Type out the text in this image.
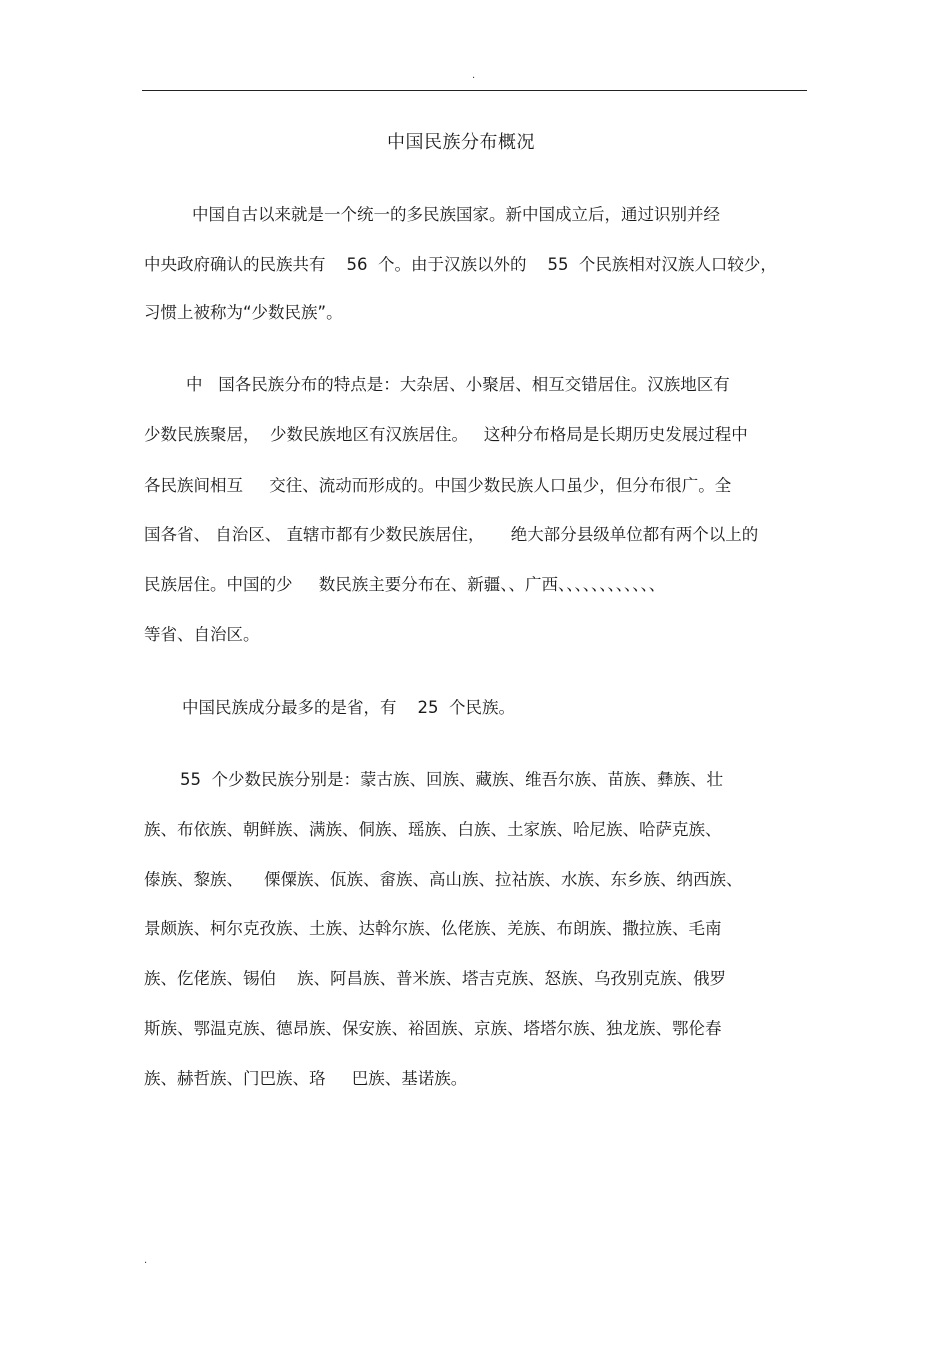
.
中国民族分布概况
中国自古以来就是一个统一的多民族国家。新中国成立后，通过识别并经
中央政府确认的民族共有    56  个。由于汉族以外的    55  个民族相对汉族人口较少，
习惯上被称为“少数民族”。
中   国各民族分布的特点是：大杂居、小聚居、相互交错居住。汉族地区有
少数民族聚居，  少数民族地区有汉族居住。   这种分布格局是长期历史发展过程中
各民族间相互     交往、流动而形成的。中国少数民族人口虽少，但分布很广。全
国各省、 自治区、 直辖市都有少数民族居住，     绝大部分县级单位都有两个以上的
民族居住。中国的少     数民族主要分布在、新疆、、广西、、、、、、、、、、、、
等省、自治区。
中国民族成分最多的是省，有    25  个民族。
55  个少数民族分别是：蒙古族、回族、藏族、维吾尔族、苗族、彝族、壮
族、布依族、朝鲜族、满族、侗族、瑶族、白族、土家族、哈尼族、哈萨克族、
傣族、黎族、    傈僳族、佤族、畲族、高山族、拉祜族、水族、东乡族、纳西族、
景颇族、柯尔克孜族、土族、达斡尔族、仫佬族、羌族、布朗族、撒拉族、毛南
族、仡佬族、锡伯    族、阿昌族、普米族、塔吉克族、怒族、乌孜别克族、俄罗
斯族、鄂温克族、德昂族、保安族、裕固族、京族、塔塔尔族、独龙族、鄂伦春
族、赫哲族、门巴族、珞     巴族、基诺族。
.
